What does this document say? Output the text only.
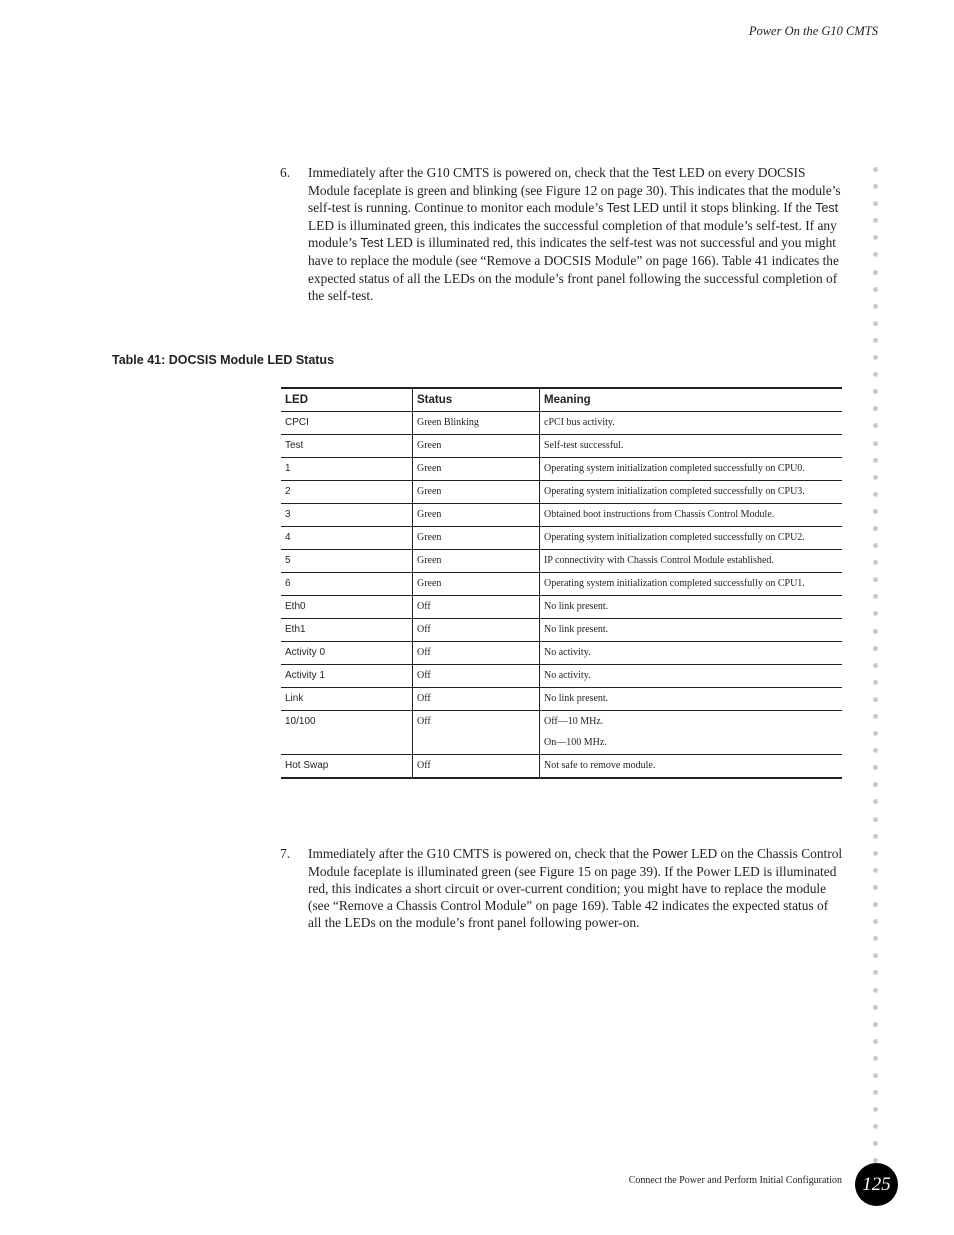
Power On the G10 CMTS
6. Immediately after the G10 CMTS is powered on, check that the Test LED on every DOCSIS Module faceplate is green and blinking (see Figure 12 on page 30). This indicates that the module’s self-test is running. Continue to monitor each module’s Test LED until it stops blinking. If the Test LED is illuminated green, this indicates the successful completion of that module’s self-test. If any module’s Test LED is illuminated red, this indicates the self-test was not successful and you might have to replace the module (see “Remove a DOCSIS Module” on page 166). Table 41 indicates the expected status of all the LEDs on the module’s front panel following the successful completion of the self-test.
Table 41: DOCSIS Module LED Status
LED	Status	Meaning
CPCI	Green Blinking	cPCI bus activity.
Test	Green	Self-test successful.
1	Green	Operating system initialization completed successfully on CPU0.
2	Green	Operating system initialization completed successfully on CPU3.
3	Green	Obtained boot instructions from Chassis Control Module.
4	Green	Operating system initialization completed successfully on CPU2.
5	Green	IP connectivity with Chassis Control Module established.
6	Green	Operating system initialization completed successfully on CPU1.
Eth0	Off	No link present.
Eth1	Off	No link present.
Activity 0	Off	No activity.
Activity 1	Off	No activity.
Link	Off	No link present.
10/100	Off	Off—10 MHz.
On—100 MHz.

Hot Swap	Off	Not safe to remove module.
7. Immediately after the G10 CMTS is powered on, check that the Power LED on the Chassis Control Module faceplate is illuminated green (see Figure 15 on page 39). If the Power LED is illuminated red, this indicates a short circuit or over-current condition; you might have to replace the module (see “Remove a Chassis Control Module” on page 169). Table 42 indicates the expected status of all the LEDs on the module’s front panel following power-on.
Connect the Power and Perform Initial Configuration	125
